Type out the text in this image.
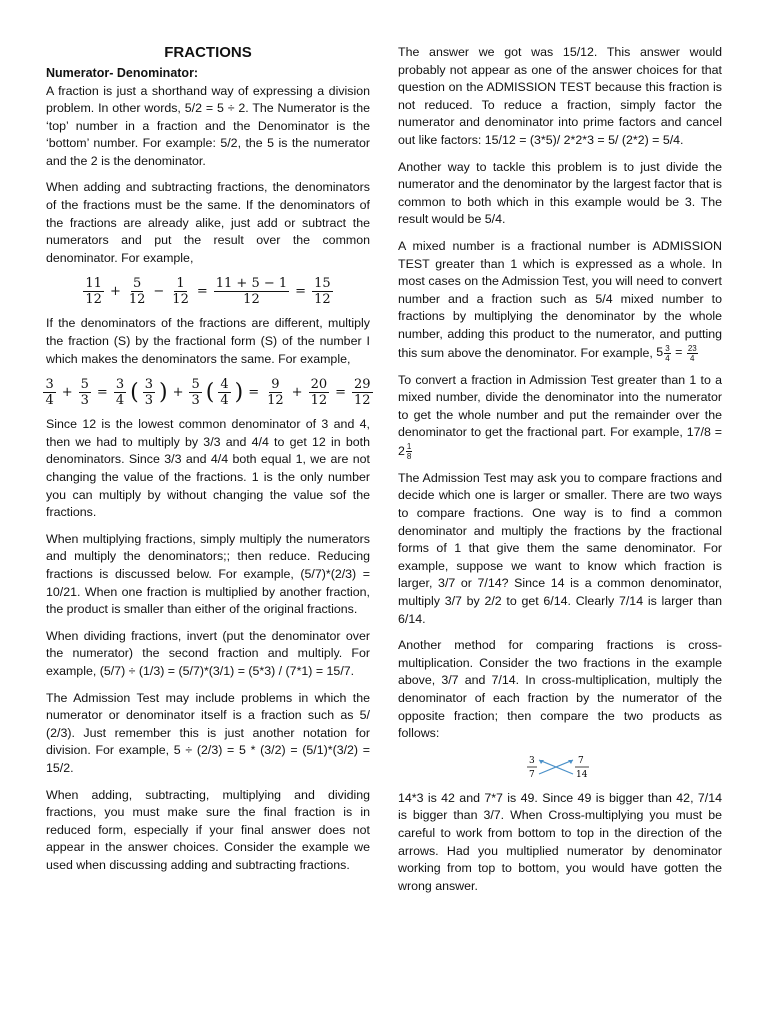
FRACTIONS
Numerator- Denominator:

A fraction is just a shorthand way of expressing a division problem. In other words, 5/2 = 5 ÷ 2. The Numerator is the ‘top’ number in a fraction and the Denominator is the ‘bottom’ number. For example: 5/2, the 5 is the numerator and the 2 is the denominator.

When adding and subtracting fractions, the denominators of the fractions must be the same. If the denominators of the fractions are already alike, just add or subtract the numerators and put the result over the common denominator. For example,

$\frac{11}{12} + \frac{5}{12} - \frac{1}{12} = \frac{11 + 5 - 1}{12} = \frac{15}{12}$

If the denominators of the fractions are different, multiply the fraction (S) by the fractional form (S) of the number I which makes the denominators the same. For example,

$\frac{3}{4} + \frac{5}{3} = \frac{3}{4}$ ( $\frac{3}{3}$ ) + $\frac{5}{3}$ ( $\frac{4}{4}$ ) = $\frac{9}{12} + \frac{20}{12} = \frac{29}{12}$

Since 12 is the lowest common denominator of 3 and 4, then we had to multiply by 3/3 and 4/4 to get 12 in both denominators. Since 3/3 and 4/4 both equal 1, we are not changing the value of the fractions. 1 is the only number you can multiply by without changing the value sof the fractions.

When multiplying fractions, simply multiply the numerators and multiply the denominators;; then reduce. Reducing fractions is discussed below. For example, (5/7)*(2/3) = 10/21. When one fraction is multiplied by another fraction, the product is smaller than either of the original fractions.

When dividing fractions, invert (put the denominator over the numerator) the second fraction and multiply. For example, (5/7) ÷ (1/3) = (5/7)*(3/1) = (5*3) / (7*1) = 15/7.

The Admission Test may include problems in which the numerator or denominator itself is a fraction such as 5/ (2/3). Just remember this is just another notation for division. For example, 5 ÷ (2/3) = 5 * (3/2) = (5/1)*(3/2) = 15/2.

When adding, subtracting, multiplying and dividing fractions, you must make sure the final fraction is in reduced form, especially if your final answer does not appear in the answer choices. Consider the example we used when discussing adding and subtracting fractions.

The answer we got was 15/12. This answer would probably not appear as one of the answer choices for that question on the ADMISSION TEST because this fraction is not reduced. To reduce a fraction, simply factor the numerator and denominator into prime factors and cancel out like factors: 15/12 = (3*5)/ 2*2*3 = 5/ (2*2) = 5/4.

Another way to tackle this problem is to just divide the numerator and the denominator by the largest factor that is common to both which in this example would be 3. The result would be 5/4.

A mixed number is a fractional number is ADMISSION TEST greater than 1 which is expressed as a whole. In most cases on the Admission Test, you will need to convert number and a fraction such as 5/4 mixed number to fractions by multiplying the denominator by the whole number, adding this product to the numerator, and putting this sum above the denominator. For example, $5 \frac{3}{4} = \frac{23}{4}$

To convert a fraction in Admission Test greater than 1 to a mixed number, divide the denominator into the numerator to get the whole number and put the remainder over the denominator to get the fractional part. For example, $17/8 = 2 \frac{1}{8}$

The Admission Test may ask you to compare fractions and decide which one is larger or smaller. There are two ways to compare fractions. One way is to find a common denominator and multiply the fractions by the fractional forms of 1 that give them the same denominator. For example, suppose we want to know which fraction is larger, 3/7 or 7/14? Since 14 is a common denominator, multiply 3/7 by 2/2 to get 6/14. Clearly 7/14 is larger than 6/14.

Another method for comparing fractions is cross-multiplication. Consider the two fractions in the example above, 3/7 and 7/14. In cross-multiplication, multiply the denominator of each fraction by the numerator of the opposite fraction; then compare the two products as follows:

3
7
7
14

14*3 is 42 and 7*7 is 49. Since 49 is bigger than 42, 7/14 is bigger than 3/7. When Cross-multiplying you must be careful to work from bottom to top in the direction of the arrows. Had you multiplied numerator by denominator working from top to bottom, you would have gotten the wrong answer.
